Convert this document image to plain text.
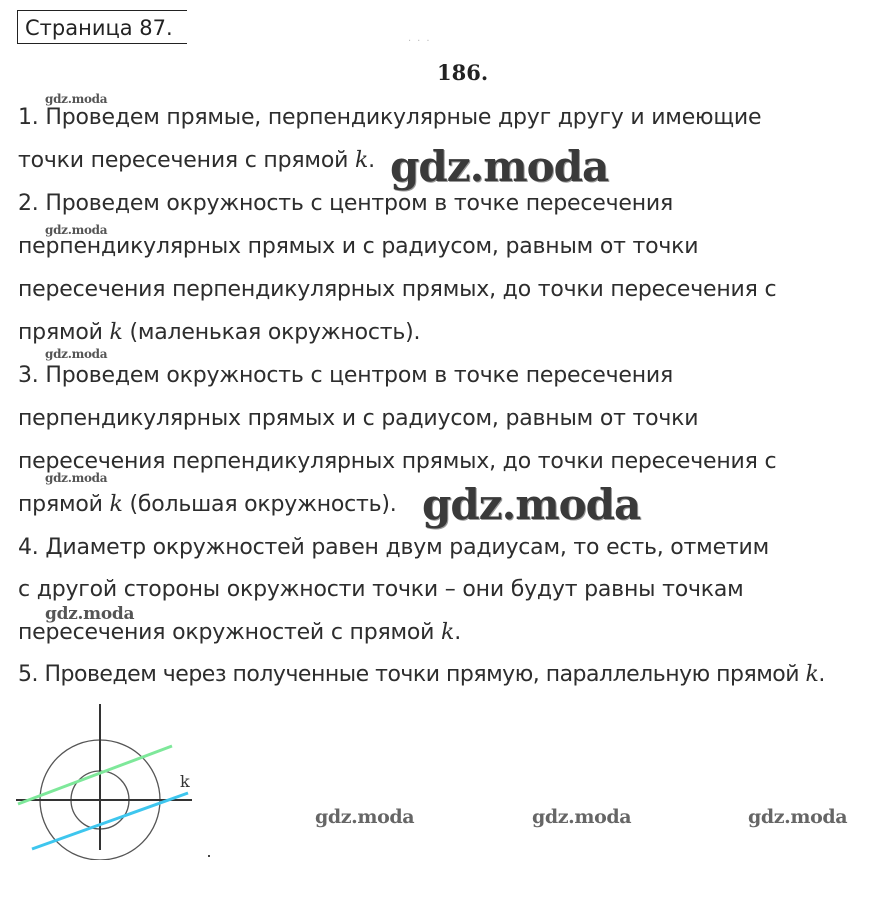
Страница 87.
···
186.
1. Проведем прямые, перпендикулярные друг другу и имеющие
точки пересечения с прямой k.
2. Проведем окружность с центром в точке пересечения
перпендикулярных прямых и с радиусом, равным от точки
пересечения перпендикулярных прямых, до точки пересечения с
прямой k (маленькая окружность).
3. Проведем окружность с центром в точке пересечения
перпендикулярных прямых и с радиусом, равным от точки
пересечения перпендикулярных прямых, до точки пересечения с
прямой k (большая окружность).
4. Диаметр окружностей равен двум радиусам, то есть, отметим
с другой стороны окружности точки – они будут равны точкам
пересечения окружностей с прямой k.
5. Проведем через полученные точки прямую, параллельную прямой k.
gdz.moda
gdz.moda
gdz.moda
gdz.moda
gdz.moda
gdz.moda
gdz.moda
gdz.moda	gdz.moda	gdz.moda
k
